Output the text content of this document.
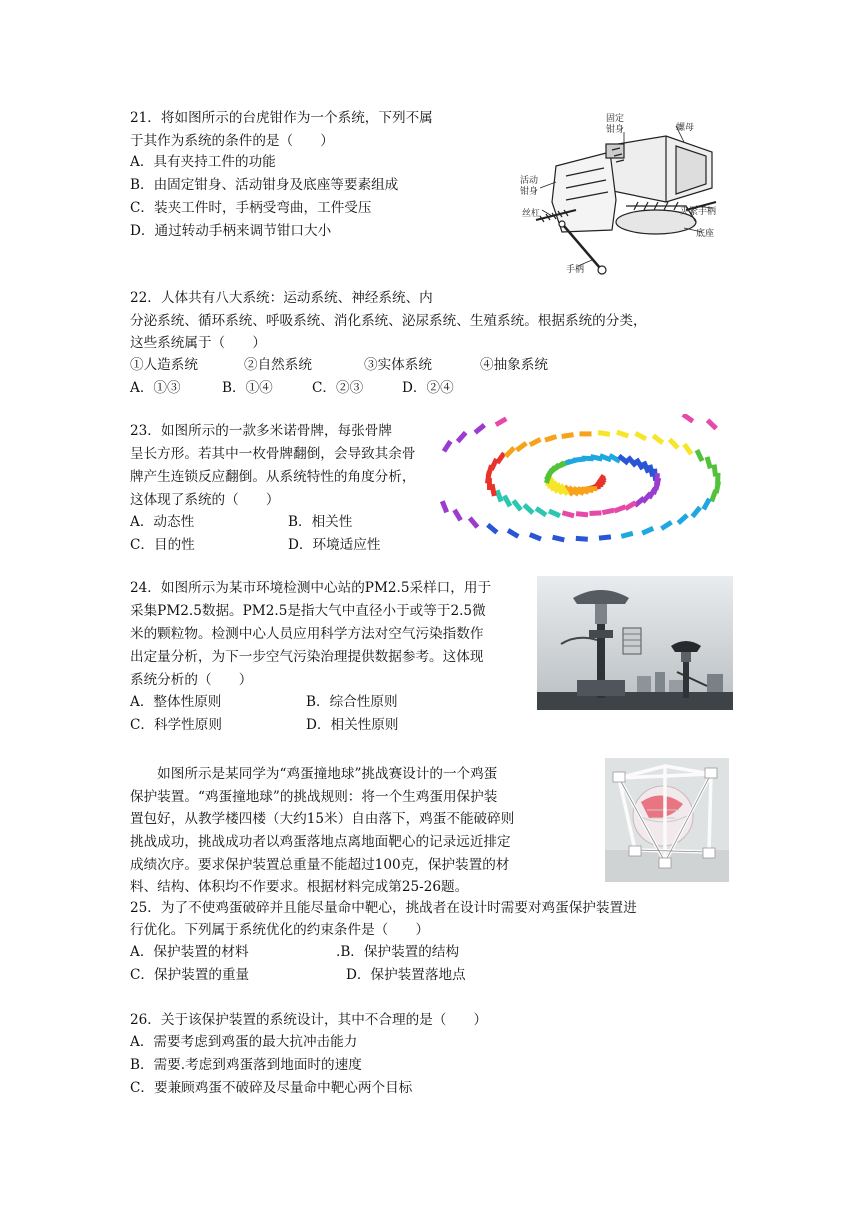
21．将如图所示的台虎钳作为一个系统，下列不属
于其作为系统的条件的是（　　）
A．具有夹持工件的功能
B．由固定钳身、活动钳身及底座等要素组成
C．装夹工件时，手柄受弯曲，工件受压
D．通过转动手柄来调节钳口大小
固定钳身	螺母
活动钳身
丝杠	夹紧手柄
底座
手柄
22．人体共有八大系统：运动系统、神经系统、内
分泌系统、循环系统、呼吸系统、消化系统、泌尿系统、生殖系统。根据系统的分类，
这些系统属于（　　）
①人造系统	②自然系统	③实体系统	④抽象系统
A．①③	B．①④	C．②③	D．②④
23．如图所示的一款多米诺骨牌，每张骨牌
呈长方形。若其中一枚骨牌翻倒，会导致其余骨
牌产生连锁反应翻倒。从系统特性的角度分析，
这体现了系统的（　　）
A．动态性	B．相关性
C．目的性	D．环境适应性
24．如图所示为某市环境检测中心站的PM2.5采样口，用于
采集PM2.5数据。PM2.5是指大气中直径小于或等于2.5微
米的颗粒物。检测中心人员应用科学方法对空气污染指数作
出定量分析，为下一步空气污染治理提供数据参考。这体现
系统分析的（　　）
A．整体性原则	B．综合性原则
C．科学性原则	D．相关性原则
　　如图所示是某同学为“鸡蛋撞地球”挑战赛设计的一个鸡蛋
保护装置。“鸡蛋撞地球”的挑战规则：将一个生鸡蛋用保护装
置包好，从教学楼四楼（大约15米）自由落下，鸡蛋不能破碎则
挑战成功，挑战成功者以鸡蛋落地点离地面靶心的记录远近排定
成绩次序。要求保护装置总重量不能超过100克，保护装置的材
料、结构、体积均不作要求。根据材料完成第25-26题。
25．为了不使鸡蛋破碎并且能尽量命中靶心，挑战者在设计时需要对鸡蛋保护装置进
行优化。下列属于系统优化的约束条件是（　　）
A．保护装置的材料	.B．保护装置的结构
C．保护装置的重量	D．保护装置落地点
26．关于该保护装置的系统设计，其中不合理的是（　　）
A．需要考虑到鸡蛋的最大抗冲击能力
B．需要.考虑到鸡蛋落到地面时的速度
C．要兼顾鸡蛋不破碎及尽量命中靶心两个目标
